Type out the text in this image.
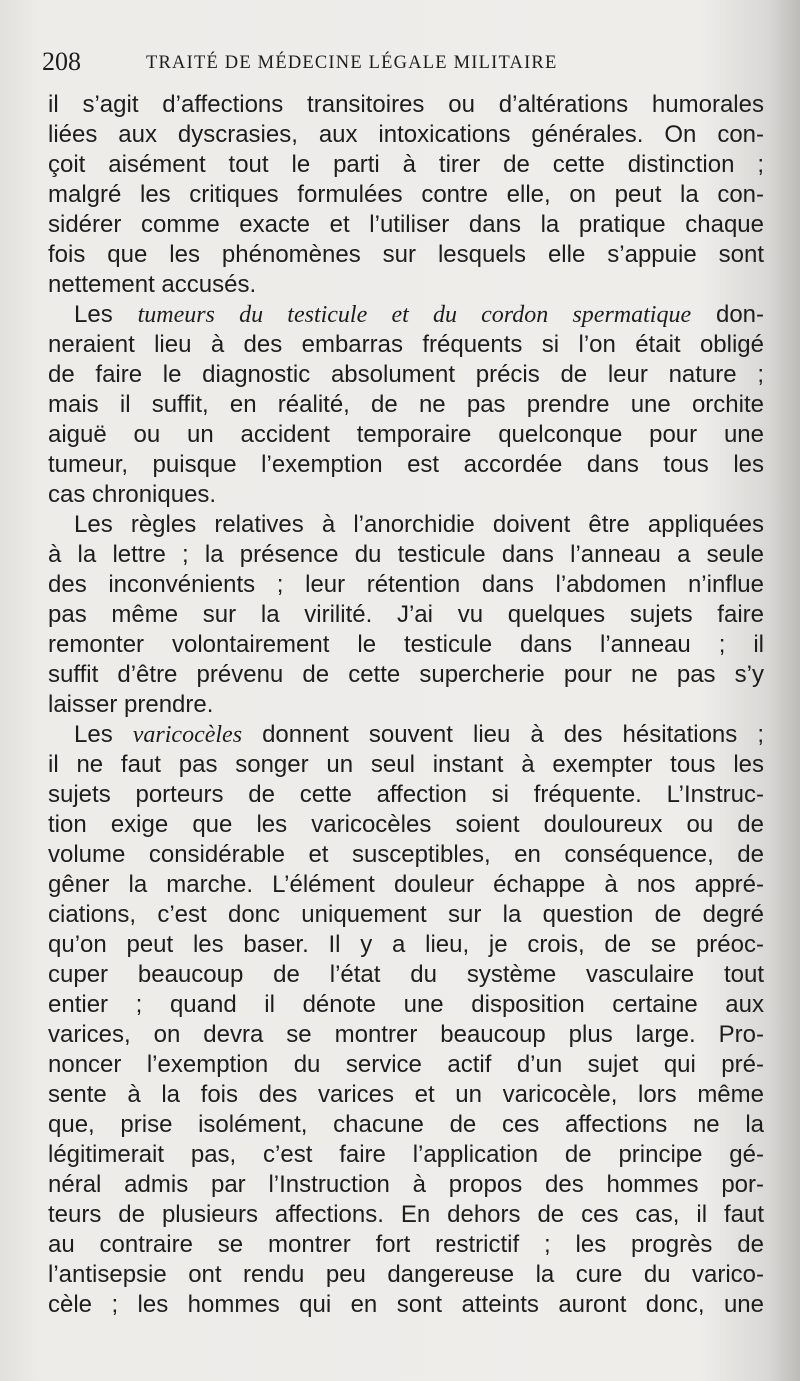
208	TRAITÉ DE MÉDECINE LÉGALE MILITAIRE
il s’agit d’affections transitoires ou d’altérations humorales
liées aux dyscrasies, aux intoxications générales. On con-
çoit aisément tout le parti à tirer de cette distinction ;
malgré les critiques formulées contre elle, on peut la con-
sidérer comme exacte et l’utiliser dans la pratique chaque
fois que les phénomènes sur lesquels elle s’appuie sont
nettement accusés.
Les tumeurs du testicule et du cordon spermatique don-
neraient lieu à des embarras fréquents si l’on était obligé
de faire le diagnostic absolument précis de leur nature ;
mais il suffit, en réalité, de ne pas prendre une orchite
aiguë ou un accident temporaire quelconque pour une
tumeur, puisque l’exemption est accordée dans tous les
cas chroniques.
Les règles relatives à l’anorchidie doivent être appliquées
à la lettre ; la présence du testicule dans l’anneau a seule
des inconvénients ; leur rétention dans l’abdomen n’influe
pas même sur la virilité. J’ai vu quelques sujets faire
remonter volontairement le testicule dans l’anneau ; il
suffit d’être prévenu de cette supercherie pour ne pas s’y
laisser prendre.
Les varicocèles donnent souvent lieu à des hésitations ;
il ne faut pas songer un seul instant à exempter tous les
sujets porteurs de cette affection si fréquente. L’Instruc-
tion exige que les varicocèles soient douloureux ou de
volume considérable et susceptibles, en conséquence, de
gêner la marche. L’élément douleur échappe à nos appré-
ciations, c’est donc uniquement sur la question de degré
qu’on peut les baser. Il y a lieu, je crois, de se préoc-
cuper beaucoup de l’état du système vasculaire tout
entier ; quand il dénote une disposition certaine aux
varices, on devra se montrer beaucoup plus large. Pro-
noncer l’exemption du service actif d’un sujet qui pré-
sente à la fois des varices et un varicocèle, lors même
que, prise isolément, chacune de ces affections ne la
légitimerait pas, c’est faire l’application de principe gé-
néral admis par l’Instruction à propos des hommes por-
teurs de plusieurs affections. En dehors de ces cas, il faut
au contraire se montrer fort restrictif ; les progrès de
l’antisepsie ont rendu peu dangereuse la cure du varico-
cèle ; les hommes qui en sont atteints auront donc, une
